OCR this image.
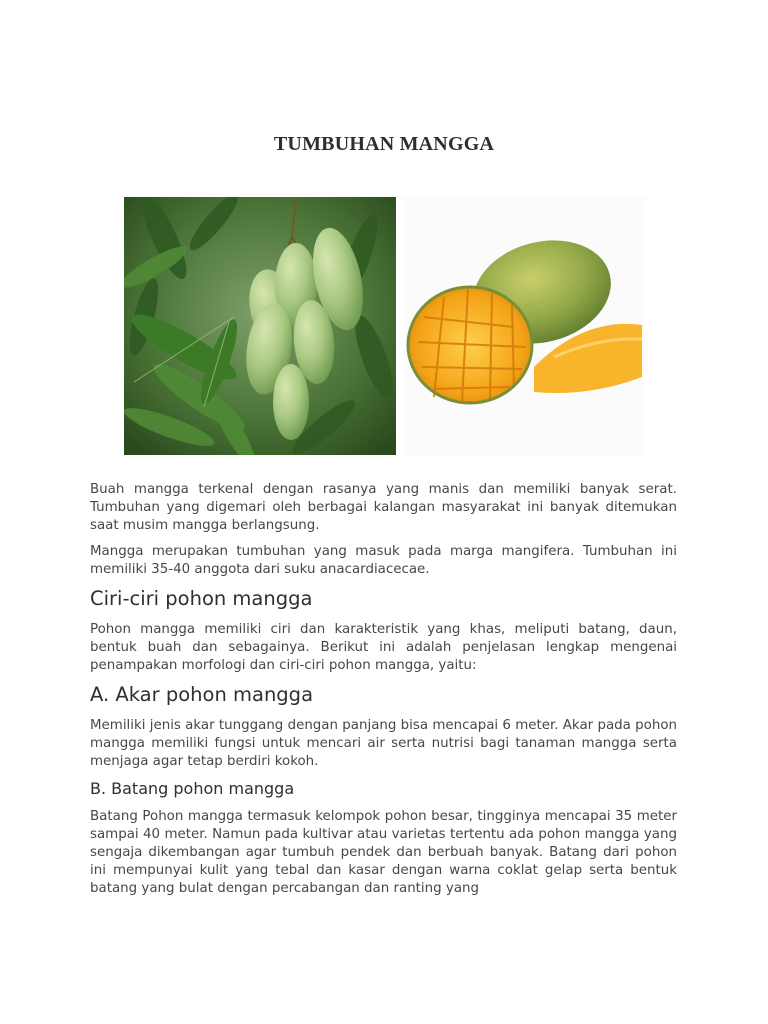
TUMBUHAN MANGGA

Buah mangga terkenal dengan rasanya yang manis dan memiliki banyak serat. Tumbuhan yang digemari oleh berbagai kalangan masyarakat ini banyak ditemukan saat musim mangga berlangsung.

Mangga merupakan tumbuhan yang masuk pada marga mangifera. Tumbuhan ini memiliki 35-40 anggota dari suku anacardiacecae.

Ciri-ciri pohon mangga

Pohon mangga memiliki ciri dan karakteristik yang khas, meliputi batang, daun, bentuk buah dan sebagainya. Berikut ini adalah penjelasan lengkap mengenai penampakan morfologi dan ciri-ciri pohon mangga, yaitu:

A. Akar pohon mangga

Memiliki jenis akar tunggang dengan panjang bisa mencapai 6 meter. Akar pada pohon mangga memiliki fungsi untuk mencari air serta nutrisi bagi tanaman mangga serta menjaga agar tetap berdiri kokoh.

B. Batang pohon mangga

Batang Pohon mangga termasuk kelompok pohon besar, tingginya mencapai 35 meter sampai 40 meter. Namun pada kultivar atau varietas tertentu ada pohon mangga yang sengaja dikembangan agar tumbuh pendek dan berbuah banyak. Batang dari pohon ini mempunyai kulit yang tebal dan kasar dengan warna coklat gelap serta bentuk batang yang bulat dengan percabangan dan ranting yang
